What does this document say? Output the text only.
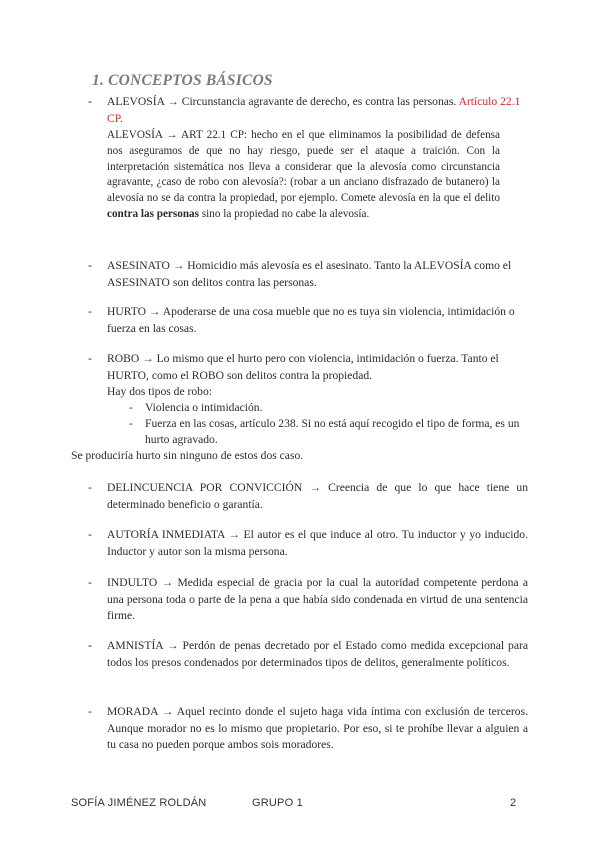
1. CONCEPTOS BÁSICOS
-	ALEVOSÍA → Circunstancia agravante de derecho, es contra las personas. Artículo 22.1 CP.
ALEVOSÍA → ART 22.1 CP: hecho en el que eliminamos la posibilidad de defensa nos aseguramos de que no hay riesgo, puede ser el ataque a traición. Con la interpretación sistemática nos lleva a considerar que la alevosía como circunstancia agravante, ¿caso de robo con alevosía?: (robar a un anciano disfrazado de butanero) la alevosía no se da contra la propiedad, por ejemplo. Comete alevosía en la que el delito contra las personas sino la propiedad no cabe la alevosía.
-	ASESINATO → Homicidio más alevosía es el asesinato. Tanto la ALEVOSÍA como el ASESINATO son delitos contra las personas.
-	HURTO → Apoderarse de una cosa mueble que no es tuya sin violencia, intimidación o fuerza en las cosas.
-	ROBO → Lo mismo que el hurto pero con violencia, intimidación o fuerza. Tanto el HURTO, como el ROBO son delitos contra la propiedad.
Hay dos tipos de robo:
-	Violencia o intimidación.
-	Fuerza en las cosas, artículo 238. Si no está aquí recogido el tipo de forma, es un hurto agravado.
Se produciría hurto sin ninguno de estos dos caso.
-	DELINCUENCIA POR CONVICCIÓN → Creencia de que lo que hace tiene un determinado beneficio o garantía.
-	AUTORÍA INMEDIATA → El autor es el que induce al otro. Tu inductor y yo inducido. Inductor y autor son la misma persona.
-	INDULTO → Medida especial de gracia por la cual la autoridad competente perdona a una persona toda o parte de la pena a que había sido condenada en virtud de una sentencia firme.
-	AMNISTÍA → Perdón de penas decretado por el Estado como medida excepcional para todos los presos condenados por determinados tipos de delitos, generalmente políticos.
-	MORADA → Aquel recinto donde el sujeto haga vida íntima con exclusión de terceros. Aunque morador no es lo mismo que propietario. Por eso, si te prohíbe llevar a alguien a tu casa no pueden porque ambos sois moradores.
SOFÍA JIMÉNEZ ROLDÁN	GRUPO 1	2
